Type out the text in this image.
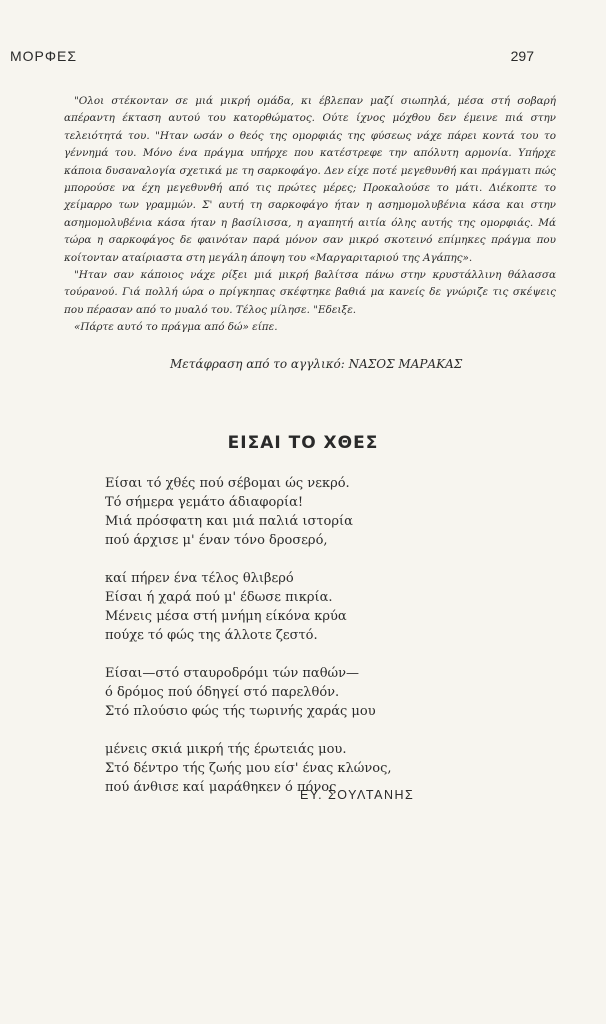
ΜΟΡΦΕΣ	297

"Ολοι στέκονταν σε μιά μικρή ομάδα, κι έβλεπαν μαζί σιωπηλά, μέσα στή σοβαρή απέραντη έκταση αυτού του κατορθώματος. Ούτε ίχνος μόχθου δεν έμεινε πιά στην τελειότητά του. "Ηταν ωσάν ο θεός της ομορφιάς της φύσεως νάχε πάρει κοντά του το γέννημά του. Μόνο ένα πράγμα υπήρχε που κατέστρεφε την απόλυτη αρμονία. Υπήρχε κάποια δυσαναλογία σχετικά με τη σαρκοφάγο. Δεν είχε ποτέ μεγεθυνθή και πράγματι πώς μπορούσε να έχη μεγεθυνθή από τις πρώτες μέρες; Προκαλούσε το μάτι. Διέκοπτε το χείμαρρο των γραμμών. Σ' αυτή τη σαρκοφάγο ήταν η ασημομολυβένια κάσα και στην ασημομολυβένια κάσα ήταν η βασίλισσα, η αγαπητή αιτία όλης αυτής της ομορφιάς. Μά τώρα η σαρκοφάγος δε φαινόταν παρά μόνον σαν μικρό σκοτεινό επίμηκες πράγμα που κοίτονταν αταίριαστα στη μεγάλη άποψη του «Μαργαριταριού της Αγάπης».

"Ηταν σαν κάποιος νάχε ρίξει μιά μικρή βαλίτσα πάνω στην κρυστάλλινη θάλασσα τούρανού. Γιά πολλή ώρα ο πρίγκηπας σκέφτηκε βαθιά μα κανείς δε γνώριζε τις σκέψεις που πέρασαν από το μυαλό του. Τέλος μίλησε. "Εδειξε.

«Πάρτε αυτό το πράγμα από δώ» είπε.

Μετάφραση από το αγγλικό: ΝΑΣΟΣ ΜΑΡΑΚΑΣ
ΕΙΣΑΙ ΤΟ ΧΘΕΣ
Είσαι τό χθές πού σέβομαι ώς νεκρό.
Τό σήμερα γεμάτο άδιαφορία!
Μιά πρόσφατη και μιά παλιά ιστορία
πού άρχισε μ' έναν τόνο δροσερό,
καί πήρεν ένα τέλος θλιβερό
Είσαι ή χαρά πού μ' έδωσε πικρία.
Μένεις μέσα στή μνήμη είκόνα κρύα
πούχε τό φώς της άλλοτε ζεστό.
Είσαι—στό σταυροδρόμι τών παθών—
ό δρόμος πού όδηγεί στό παρελθόν.
Στό πλούσιο φώς τής τωρινής χαράς μου
μένεις σκιά μικρή τής έρωτειάς μου.
Στό δέντρο τής ζωής μου είσ' ένας κλώνος,
πού άνθισε καί μαράθηκεν ό πόνος
ΕΥ. ΣΟΥΛΤΑΝΗΣ
